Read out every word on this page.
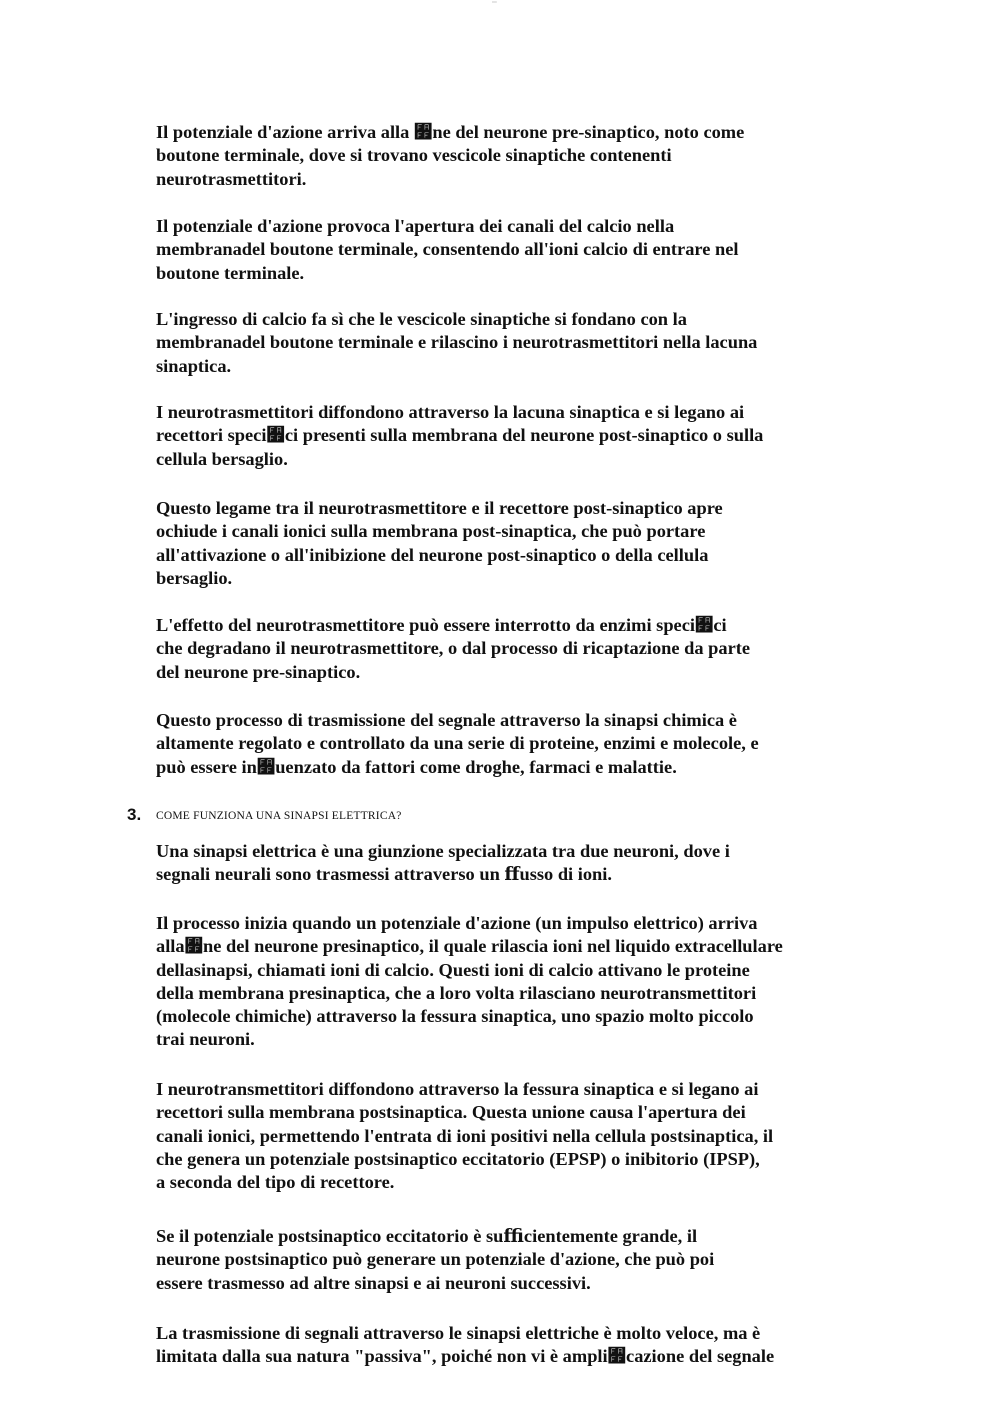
Il potenziale d'azione arriva alla 﫿ne del neurone pre-sinaptico, noto come
boutone terminale, dove si trovano vescicole sinaptiche contenenti
neurotrasmettitori.
Il potenziale d'azione provoca l'apertura dei canali del calcio nella
membranadel boutone terminale, consentendo all'ioni calcio di entrare nel
boutone terminale.
L'ingresso di calcio fa sì che le vescicole sinaptiche si fondano con la
membranadel boutone terminale e rilascino i neurotrasmettitori nella lacuna
sinaptica.
I neurotrasmettitori diffondono attraverso la lacuna sinaptica e si legano ai
recettori speci﫿ci presenti sulla membrana del neurone post-sinaptico o sulla
cellula bersaglio.
Questo legame tra il neurotrasmettitore e il recettore post-sinaptico apre
ochiude i canali ionici sulla membrana post-sinaptica, che può portare
all'attivazione o all'inibizione del neurone post-sinaptico o della cellula
bersaglio.
L'effetto del neurotrasmettitore può essere interrotto da enzimi speci﫿ci
che degradano il neurotrasmettitore, o dal processo di ricaptazione da parte
del neurone pre-sinaptico.
Questo processo di trasmissione del segnale attraverso la sinapsi chimica è
altamente regolato e controllato da una serie di proteine, enzimi e molecole, e
può essere in﫿uenzato da fattori come droghe, farmaci e malattie.
3. COME FUNZIONA UNA SINAPSI ELETTRICA?
Una sinapsi elettrica è una giunzione specializzata tra due neuroni, dove i
segnali neurali sono trasmessi attraverso un ﬀusso di ioni.
Il processo inizia quando un potenziale d'azione (un impulso elettrico) arriva
alla﫿ne del neurone presinaptico, il quale rilascia ioni nel liquido extracellulare
dellasinapsi, chiamati ioni di calcio. Questi ioni di calcio attivano le proteine
della membrana presinaptica, che a loro volta rilasciano neurotransmettitori
(molecole chimiche) attraverso la fessura sinaptica, uno spazio molto piccolo
trai neuroni.
I neurotransmettitori diffondono attraverso la fessura sinaptica e si legano ai
recettori sulla membrana postsinaptica. Questa unione causa l'apertura dei
canali ionici, permettendo l'entrata di ioni positivi nella cellula postsinaptica, il
che genera un potenziale postsinaptico eccitatorio (EPSP) o inibitorio (IPSP),
a seconda del tipo di recettore.
Se il potenziale postsinaptico eccitatorio è suﬃcientemente grande, il
neurone postsinaptico può generare un potenziale d'azione, che può poi
essere trasmesso ad altre sinapsi e ai neuroni successivi.
La trasmissione di segnali attraverso le sinapsi elettriche è molto veloce, ma è
limitata dalla sua natura "passiva", poiché non vi è ampli﫿cazione del segnale
